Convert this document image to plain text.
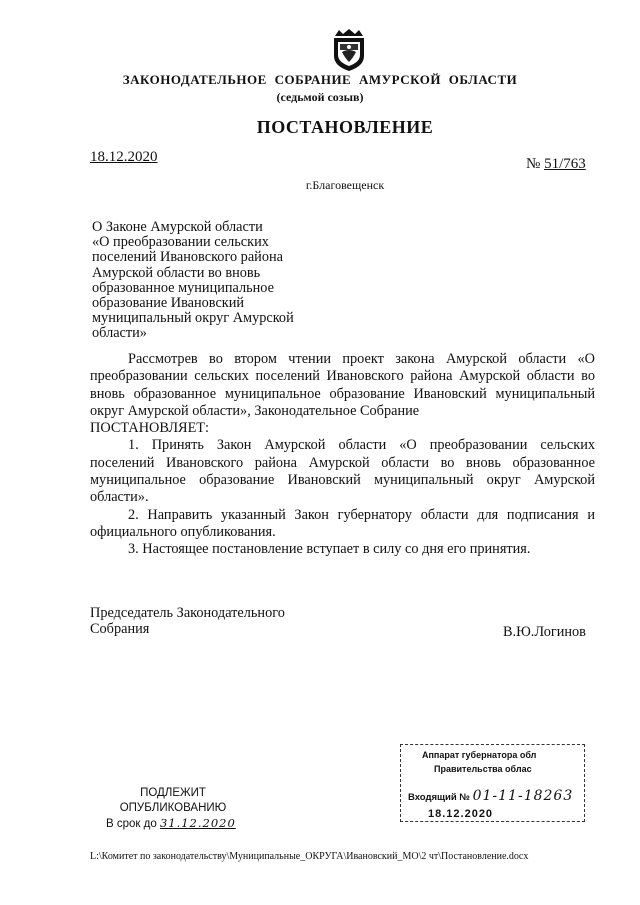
ЗАКОНОДАТЕЛЬНОЕ СОБРАНИЕ АМУРСКОЙ ОБЛАСТИ
(седьмой созыв)
ПОСТАНОВЛЕНИЕ
18.12.2020	№ 51/763
г.Благовещенск
О Законе Амурской области
«О преобразовании сельских
поселений Ивановского района
Амурской области во вновь
образованное муниципальное
образование Ивановский
муниципальный округ Амурской
области»

Рассмотрев во втором чтении проект закона Амурской области «О преобразовании сельских поселений Ивановского района Амурской области во вновь образованное муниципальное образование Ивановский муниципальный округ Амурской области», Законодательное Собрание

ПОСТАНОВЛЯЕТ:

1. Принять Закон Амурской области «О преобразовании сельских поселений Ивановского района Амурской области во вновь образованное муниципальное образование Ивановский муниципальный округ Амурской области».

2. Направить указанный Закон губернатору области для подписания и официального опубликования.

3. Настоящее постановление вступает в силу со дня его принятия.

Председатель Законодательного
Собрания	В.Ю.Логинов
Аппарат губернатора обл
Правительства облас
Входящий № 01-11-18263
18.12.2020
ПОДЛЕЖИТ
ОПУБЛИКОВАНИЮ
В срок до 31.12.2020
L:\Комитет по законодательству\Муниципальные_ОКРУГА\Ивановский_МО\2 чт\Постановление.docx
